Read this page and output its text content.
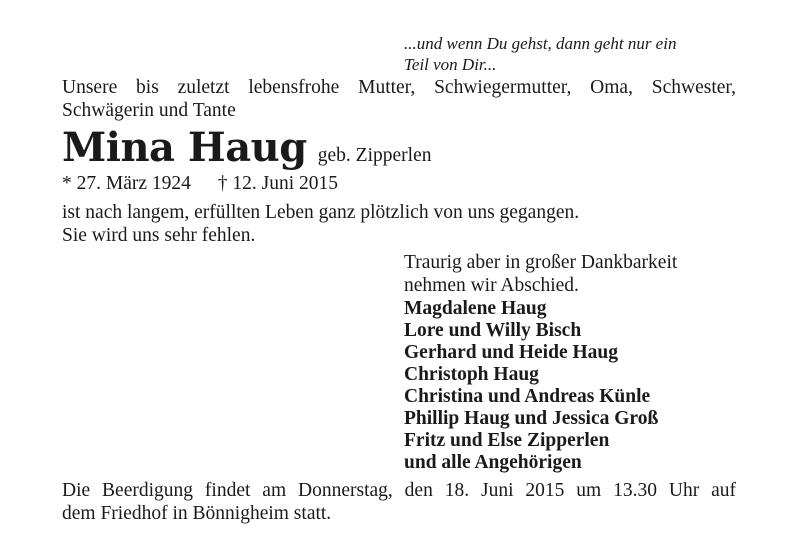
...und wenn Du gehst, dann geht nur ein
Teil von Dir...
Unsere bis zuletzt lebensfrohe Mutter, Schwiegermutter, Oma, Schwester,
Schwägerin und Tante
Mina Haug geb. Zipperlen
* 27. März 1924 † 12. Juni 2015
ist nach langem, erfüllten Leben ganz plötzlich von uns gegangen.
Sie wird uns sehr fehlen.
Traurig aber in großer Dankbarkeit
nehmen wir Abschied.
Magdalene Haug
Lore und Willy Bisch
Gerhard und Heide Haug
Christoph Haug
Christina und Andreas Künle
Phillip Haug und Jessica Groß
Fritz und Else Zipperlen
und alle Angehörigen
Die Beerdigung findet am Donnerstag, den 18. Juni 2015 um 13.30 Uhr auf
dem Friedhof in Bönnigheim statt.
